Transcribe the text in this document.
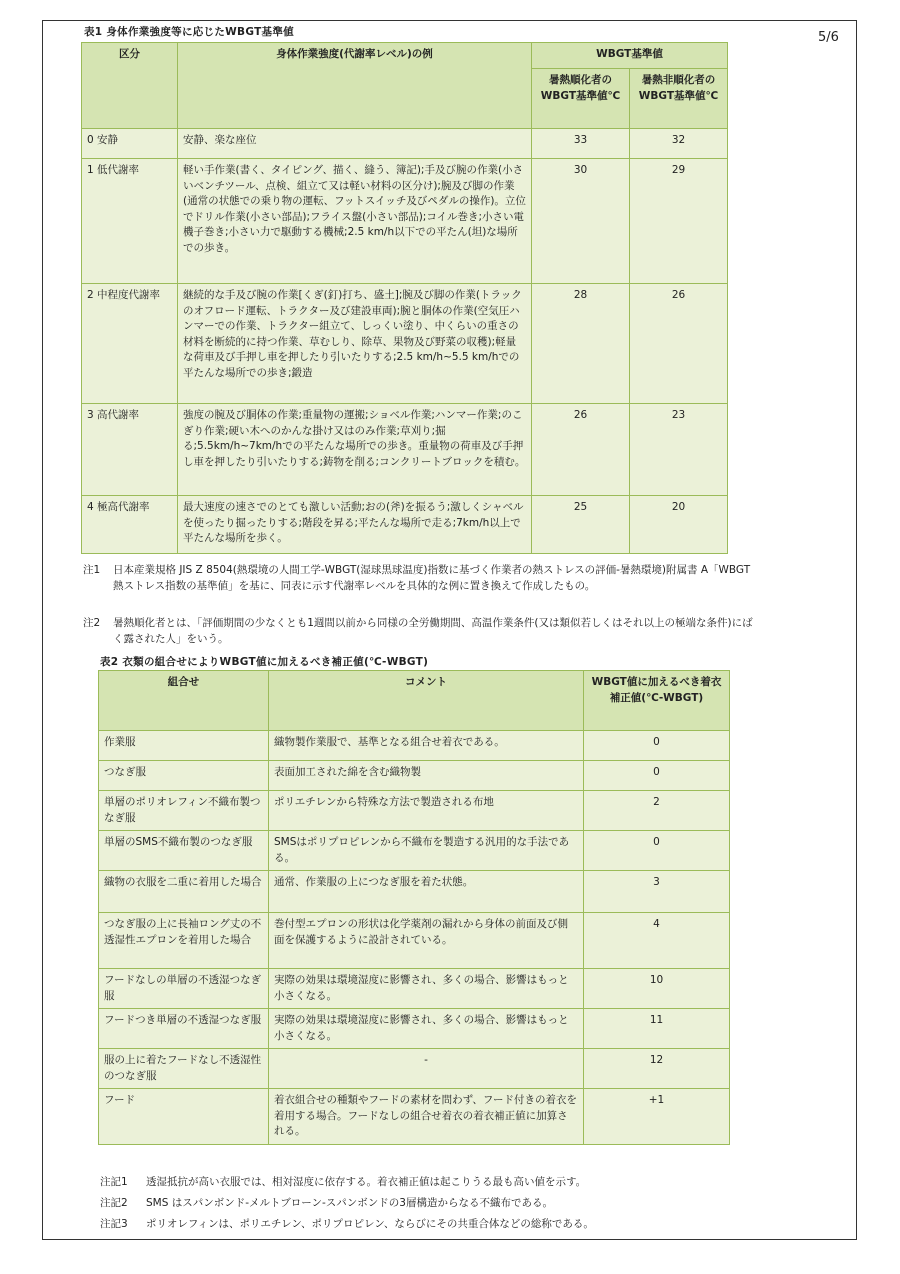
5/6
表1 身体作業強度等に応じたWBGT基準値
区分	身体作業強度(代謝率レベル)の例	WBGT基準値	
		暑熱順化者のWBGT基準値℃	暑熱非順化者のWBGT基準値℃
0 安静	安静、楽な座位	33	32
1 低代謝率	軽い手作業(書く、タイピング、描く、縫う、簿記);手及び腕の作業(小さいベンチツール、点検、組立て又は軽い材料の区分け);腕及び脚の作業(通常の状態での乗り物の運転、フットスイッチ及びペダルの操作)。立位でドリル作業(小さい部品);フライス盤(小さい部品);コイル巻き;小さい電機子巻き;小さい力で駆動する機械;2.5 km/h以下での平たん(坦)な場所での歩き。	30	29
2 中程度代謝率	継続的な手及び腕の作業[くぎ(釘)打ち、盛土];腕及び脚の作業(トラックのオフロード運転、トラクター及び建設車両);腕と胴体の作業(空気圧ハンマーでの作業、トラクター組立て、しっくい塗り、中くらいの重さの材料を断続的に持つ作業、草むしり、除草、果物及び野菜の収穫);軽量な荷車及び手押し車を押したり引いたりする;2.5 km/h~5.5 km/hでの平たんな場所での歩き;鍛造	28	26
3 高代謝率	強度の腕及び胴体の作業;重量物の運搬;ショベル作業;ハンマー作業;のこぎり作業;硬い木へのかんな掛け又はのみ作業;草刈り;掘る;5.5km/h~7km/hでの平たんな場所での歩き。重量物の荷車及び手押し車を押したり引いたりする;鋳物を削る;コンクリートブロックを積む。	26	23
4 極高代謝率	最大速度の速さでのとても激しい活動;おの(斧)を振るう;激しくシャベルを使ったり掘ったりする;階段を昇る;平たんな場所で走る;7km/h以上で平たんな場所を歩く。	25	20
注1 日本産業規格 JIS Z 8504(熱環境の人間工学-WBGT(湿球黒球温度)指数に基づく作業者の熱ストレスの評価-暑熱環境)附属書 A「WBGT 熱ストレス指数の基準値」を基に、同表に示す代謝率レベルを具体的な例に置き換えて作成したもの。
注2 暑熱順化者とは、「評価期間の少なくとも1週間以前から同様の全労働期間、高温作業条件(又は類似若しくはそれ以上の極端な条件)にばく露された人」をいう。
表2 衣類の組合せによりWBGT値に加えるべき補正値(℃-WBGT)
組合せ	コメント	WBGT値に加えるべき着衣補正値(℃-WBGT)
作業服	織物製作業服で、基準となる組合せ着衣である。	0
つなぎ服	表面加工された綿を含む織物製	0
単層のポリオレフィン不織布製つなぎ服	ポリエチレンから特殊な方法で製造される布地	2
単層のSMS不織布製のつなぎ服	SMSはポリプロピレンから不織布を製造する汎用的な手法である。	0
織物の衣服を二重に着用した場合	通常、作業服の上につなぎ服を着た状態。	3
つなぎ服の上に長袖ロング丈の不透湿性エプロンを着用した場合	巻付型エプロンの形状は化学薬剤の漏れから身体の前面及び側面を保護するように設計されている。	4
フードなしの単層の不透湿つなぎ服	実際の効果は環境湿度に影響され、多くの場合、影響はもっと小さくなる。	10
フードつき単層の不透湿つなぎ服	実際の効果は環境湿度に影響され、多くの場合、影響はもっと小さくなる。	11
服の上に着たフードなし不透湿性のつなぎ服	-	12
フード	着衣組合せの種類やフードの素材を問わず、フード付きの着衣を着用する場合。フードなしの組合せ着衣の着衣補正値に加算される。	+1
注記1 透湿抵抗が高い衣服では、相対湿度に依存する。着衣補正値は起こりうる最も高い値を示す。
注記2 SMS はスパンボンド-メルトブローン-スパンボンドの3層構造からなる不織布である。
注記3 ポリオレフィンは、ポリエチレン、ポリプロピレン、ならびにその共重合体などの総称である。
